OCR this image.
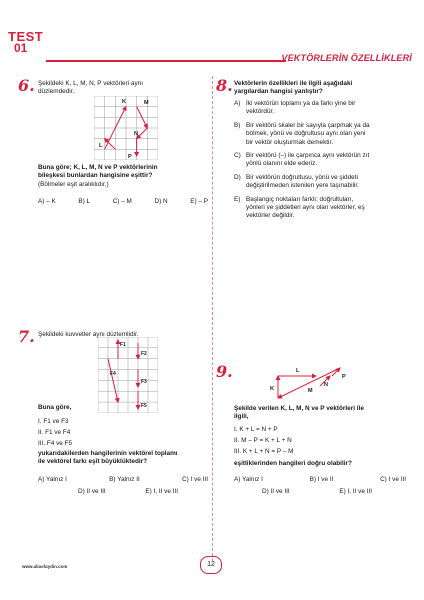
TEST
01
VEKTÖRLERİN ÖZELLİKLERİ
6. Şekildeki K, L, M, N, P vektörleri aynı
düzlemdedir.
K	M
N
L
P
Buna göre; K, L, M, N ve P vektörlerinin
bileşkesi bunlardan hangisine eşittir?
(Bölmeler eşit aralıklıdır.)
A) – K	B) L	C) – M	D) N	E) – P
7. Şekildeki kuvvetler aynı düzlemlidir.
F1
F2
F3
F4
F5
Buna göre,
I. F1 ve F3
II. F1 ve F4
III. F4 ve F5
yukarıdakilerden hangilerinin vektörel toplamı
ile vektörel farkı eşit büyüklüktedir?
A) Yalnız I	B) Yalnız II	C) I ve III
D) II ve III	E) I, II ve III
8. Vektörlerin özellikleri ile ilgili aşağıdaki
yargılardan hangisi yanlıştır?
A) İki vektörün toplamı ya da farkı yine bir
vektördür.
B) Bir vektörü skaler bir sayıyla çarpmak ya da
bölmek, yönü ve doğrultusu aynı olan yeni
bir vektör oluşturmak demektir.
C) Bir vektörü (–) ile çarpınca aynı vektörün zıt
yönlü olanını elde ederiz.
D) Bir vektörün doğrultusu, yönü ve şiddeti
değiştirilmeden istenilen yere taşınabilir.
E) Başlangıç noktaları farklı; doğrultuları,
yönleri ve şiddetleri aynı olan vektörler, eş
vektörler değildir.
9.
K
L
M
N
P
Şekilde verilen K, L, M, N ve P vektörleri ile
ilgili,
I. K + L = N + P
II. M – P = K + L + N
III. K + L + N = P – M
eşitliklerinden hangileri doğru olabilir?
A) Yalnız I	B) I ve II	C) I ve III
D) II ve III	E) I, II ve III
www.aliasfaydin.com	12
